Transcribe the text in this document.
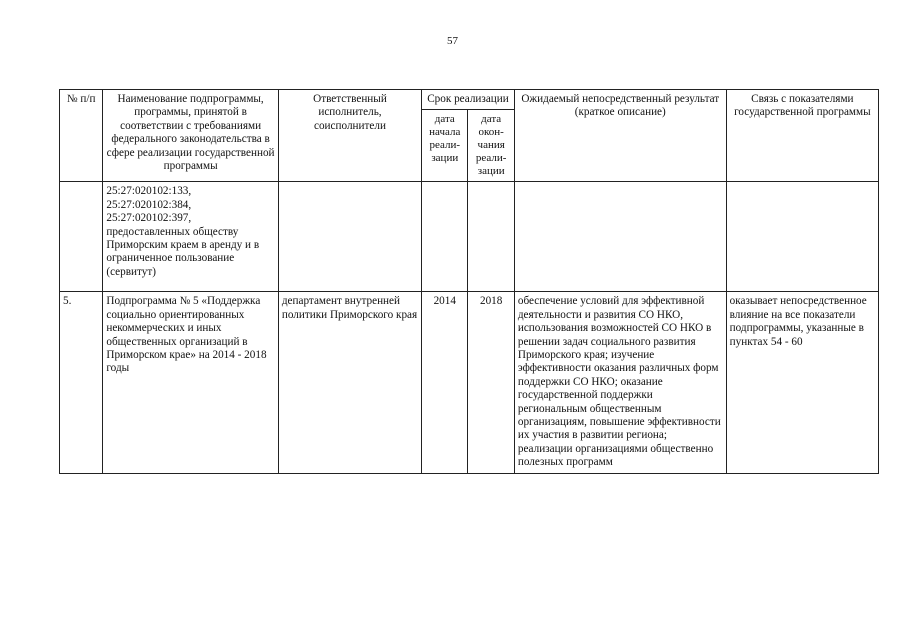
57
№ п/п	Наименование подпрограммы, программы, принятой в соответствии с требованиями федерального законодательства в сфере реализации государственной программы	Ответственный исполнитель, соисполнители	Срок реализации		Ожидаемый непосредственный результат (краткое описание)	Связь с показателями государственной программы
			дата начала реали-зации	дата окон-чания реали-зации		
	25:27:020102:133, 25:27:020102:384, 25:27:020102:397, предоставленных обществу Приморским краем в аренду и в ограниченное пользование (сервитут)					
5.	Подпрограмма № 5 «Поддержка социально ориентированных некоммерческих и иных общественных организаций в Приморском крае» на 2014 - 2018 годы	департамент внутренней политики Приморского края	2014	2018	обеспечение условий для эффективной деятельности и развития СО НКО, использования возможностей СО НКО в решении задач социального развития Приморского края; изучение эффективности оказания различных форм поддержки СО НКО; оказание государственной поддержки региональным общественным организациям, повышение эффективности их участия в развитии региона; реализации организациями общественно полезных программ	оказывает непосредственное влияние на все показатели подпрограммы, указанные в пунктах 54 - 60
